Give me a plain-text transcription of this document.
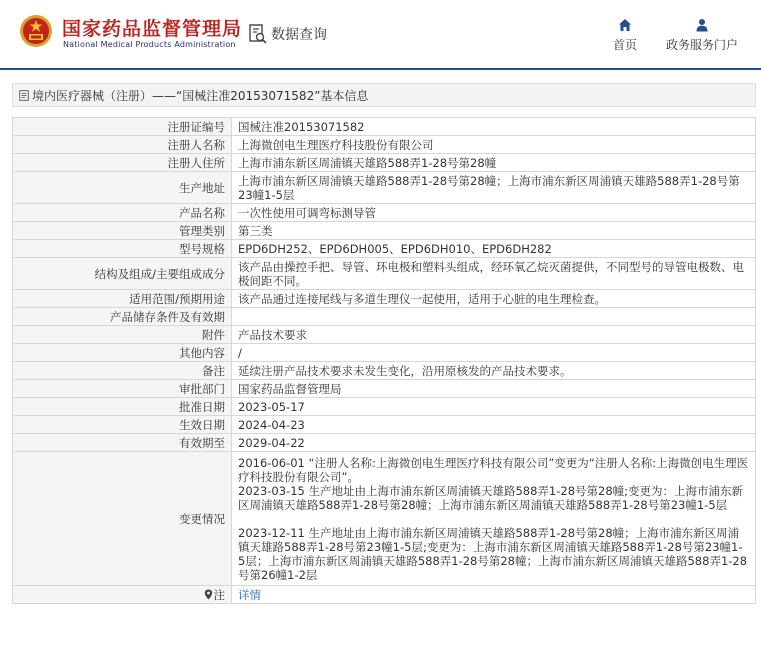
国家药品监督管理局
National Medical Products Administration
数据查询
首页	政务服务门户
境内医疗器械（注册）——“国械注准20153071582”基本信息
注册证编号	国械注准20153071582
注册人名称	上海微创电生理医疗科技股份有限公司
注册人住所	上海市浦东新区周浦镇天雄路588弄1-28号第28幢
生产地址	上海市浦东新区周浦镇天雄路588弄1-28号第28幢；上海市浦东新区周浦镇天雄路588弄1-28号第23幢1-5层
产品名称	一次性使用可调弯标测导管
管理类别	第三类
型号规格	EPD6DH252、EPD6DH005、EPD6DH010、EPD6DH282
结构及组成/主要组成成分	该产品由操控手把、导管、环电极和塑料头组成，经环氧乙烷灭菌提供，不同型号的导管电极数、电极间距不同。
适用范围/预期用途	该产品通过连接尾线与多道生理仪一起使用，适用于心脏的电生理检查。
产品储存条件及有效期	
附件	产品技术要求
其他内容	/
备注	延续注册产品技术要求未发生变化，沿用原核发的产品技术要求。
审批部门	国家药品监督管理局
批准日期	2023-05-17
生效日期	2024-04-23
有效期至	2029-04-22
变更情况	2016-06-01 “注册人名称:上海微创电生理医疗科技有限公司”变更为“注册人名称:上海微创电生理医疗科技股份有限公司”。
2023-03-15 生产地址由上海市浦东新区周浦镇天雄路588弄1-28号第28幢;变更为：上海市浦东新区周浦镇天雄路588弄1-28号第28幢；上海市浦东新区周浦镇天雄路588弄1-28号第23幢1-5层
2023-12-11 生产地址由上海市浦东新区周浦镇天雄路588弄1-28号第28幢；上海市浦东新区周浦镇天雄路588弄1-28号第23幢1-5层;变更为：上海市浦东新区周浦镇天雄路588弄1-28号第23幢1-5层；上海市浦东新区周浦镇天雄路588弄1-28号第28幢；上海市浦东新区周浦镇天雄路588弄1-28号第26幢1-2层

注	详情
